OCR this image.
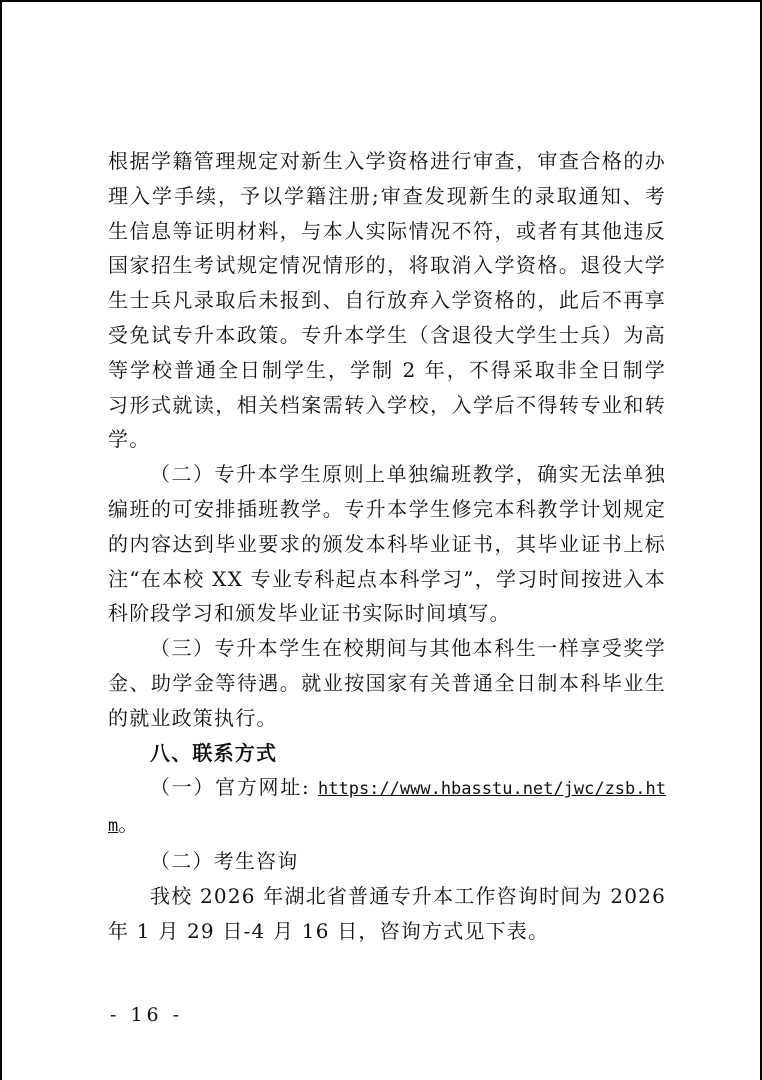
根据学籍管理规定对新生入学资格进行审查，审查合格的办理入学手续，予以学籍注册;审查发现新生的录取通知、考生信息等证明材料，与本人实际情况不符，或者有其他违反国家招生考试规定情况情形的，将取消入学资格。退役大学生士兵凡录取后未报到、自行放弃入学资格的，此后不再享受免试专升本政策。专升本学生（含退役大学生士兵）为高等学校普通全日制学生，学制 2 年，不得采取非全日制学习形式就读，相关档案需转入学校，入学后不得转专业和转学。

（二）专升本学生原则上单独编班教学，确实无法单独编班的可安排插班教学。专升本学生修完本科教学计划规定的内容达到毕业要求的颁发本科毕业证书，其毕业证书上标注“在本校 XX 专业专科起点本科学习”，学习时间按进入本科阶段学习和颁发毕业证书实际时间填写。

（三）专升本学生在校期间与其他本科生一样享受奖学金、助学金等待遇。就业按国家有关普通全日制本科毕业生的就业政策执行。

八、联系方式

（一）官方网址: https://www.hbasstu.net/jwc/zsb.htm。

（二）考生咨询

我校 2026 年湖北省普通专升本工作咨询时间为 2026 年 1 月 29 日-4 月 16 日，咨询方式见下表。

- 16 -
